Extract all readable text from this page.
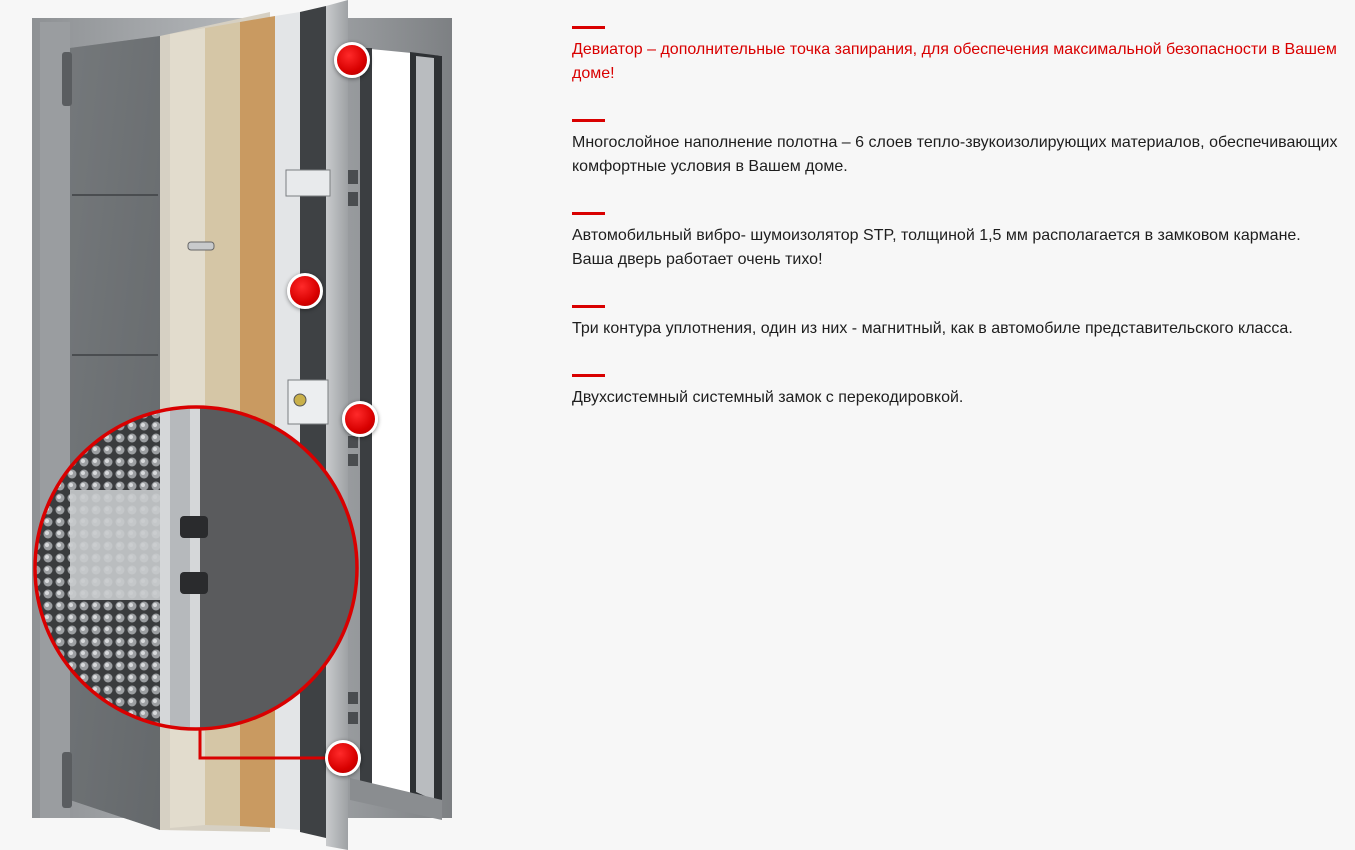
Девиатор – дополнительные точка запирания, для обеспечения максимальной безопасности в Вашем доме!

Многослойное наполнение полотна – 6 слоев тепло-звукоизолирующих материалов, обеспечивающих комфортные условия в Вашем доме.

Автомобильный вибро- шумоизолятор STP, толщиной 1,5 мм располагается в замковом кармане. Ваша дверь работает очень тихо!

Три контура уплотнения, один из них - магнитный, как в автомобиле представительского класса.

Двухсистемный системный замок с перекодировкой.
